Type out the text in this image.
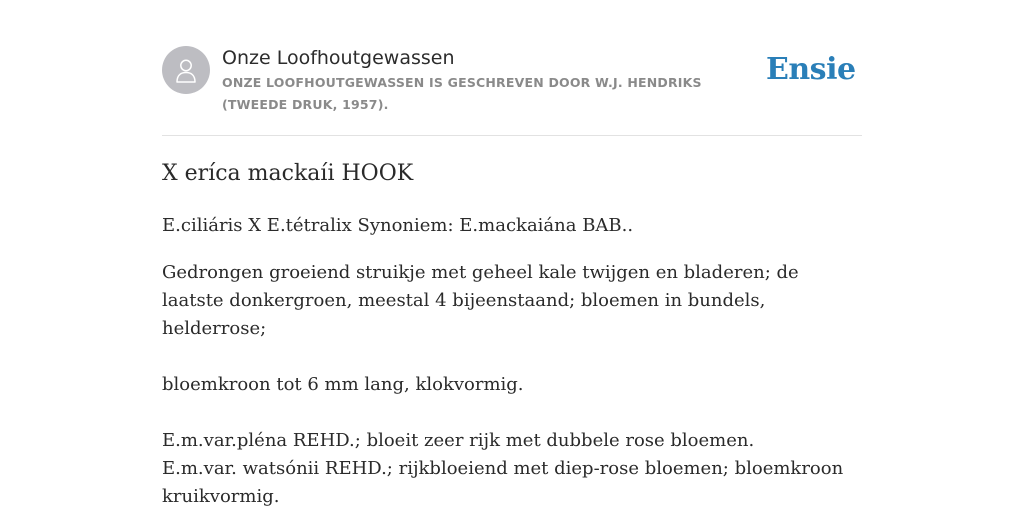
Onze Loofhoutgewassen
ONZE LOOFHOUTGEWASSEN IS GESCHREVEN DOOR W.J. HENDRIKS (TWEEDE DRUK, 1957).
Ensie
X eríca mackaíi HOOK
E.ciliáris X E.tétralix Synoniem: E.mackaiána BAB..

Gedrongen groeiend struikje met geheel kale twijgen en bladeren; de laatste donkergroen, meestal 4 bijeenstaand; bloemen in bundels, helderrose;

bloemkroon tot 6 mm lang, klokvormig.

E.m.var.pléna REHD.; bloeit zeer rijk met dubbele rose bloemen.

E.m.var. watsónii REHD.; rijkbloeiend met diep-rose bloemen; bloemkroon kruikvormig.
